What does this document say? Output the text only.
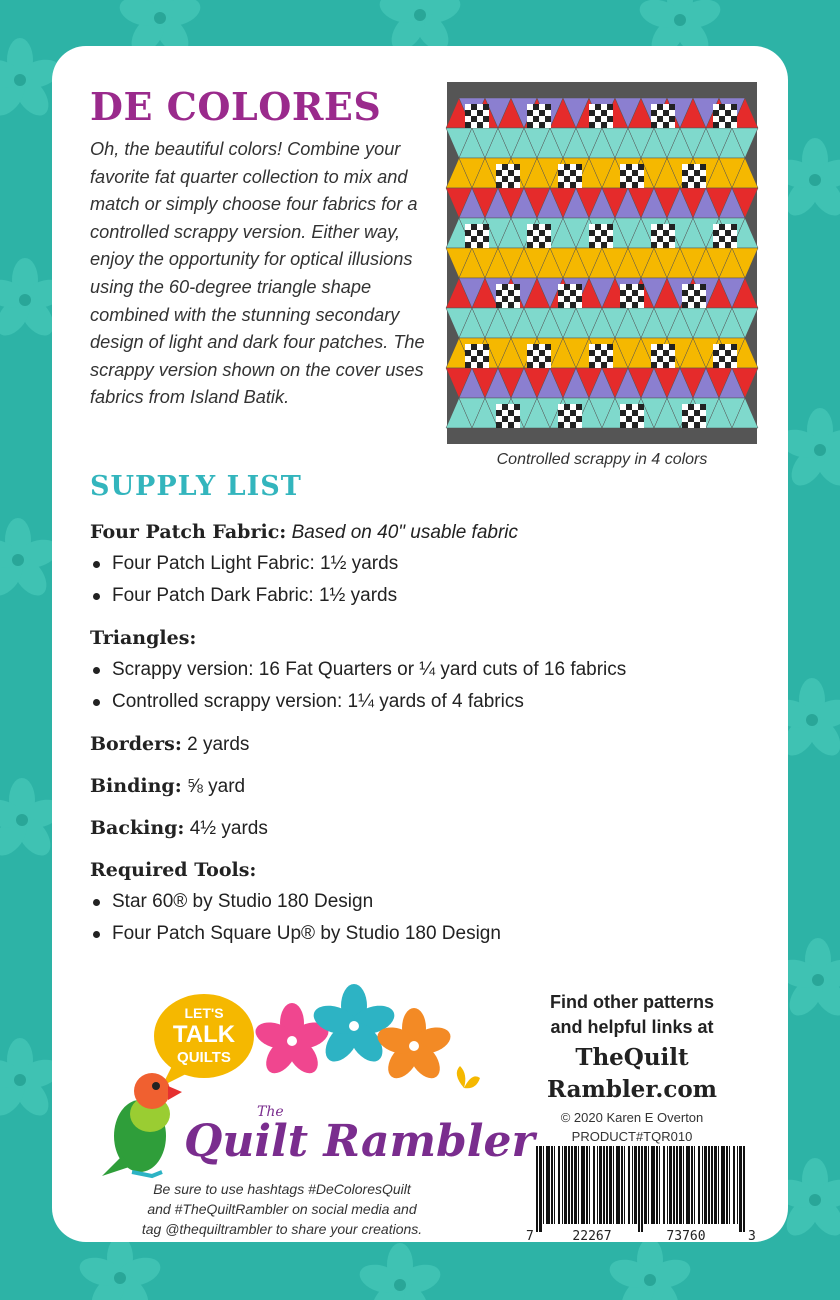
DE COLORES

Oh, the beautiful colors! Combine your favorite fat quarter collection to mix and match or simply choose four fabrics for a controlled scrappy version. Either way, enjoy the opportunity for optical illusions using the 60-degree triangle shape combined with the stunning secondary design of light and dark four patches. The scrappy version shown on the cover uses fabrics from Island Batik.

Controlled scrappy in 4 colors
SUPPLY LIST
Four Patch Fabric: Based on 40" usable fabric
Four Patch Light Fabric: 1½ yards
Four Patch Dark Fabric: 1½ yards
Triangles:
Scrappy version: 16 Fat Quarters or ¼ yard cuts of 16 fabrics
Controlled scrappy version: 1¼ yards of 4 fabrics
Borders: 2 yards
Binding: ⅝ yard
Backing: 4½ yards
Required Tools:
Star 60® by Studio 180 Design
Four Patch Square Up® by Studio 180 Design
LET'S
TALK
QUILTS
The
Quilt Rambler
Be sure to use hashtags #DeColoresQuilt
and #TheQuiltRambler on social media and
tag @thequiltrambler to share your creations.
Find other patterns
and helpful links at
TheQuilt
Rambler.com
© 2020 Karen E Overton
PRODUCT#TQR010
7	22267	73760	3
